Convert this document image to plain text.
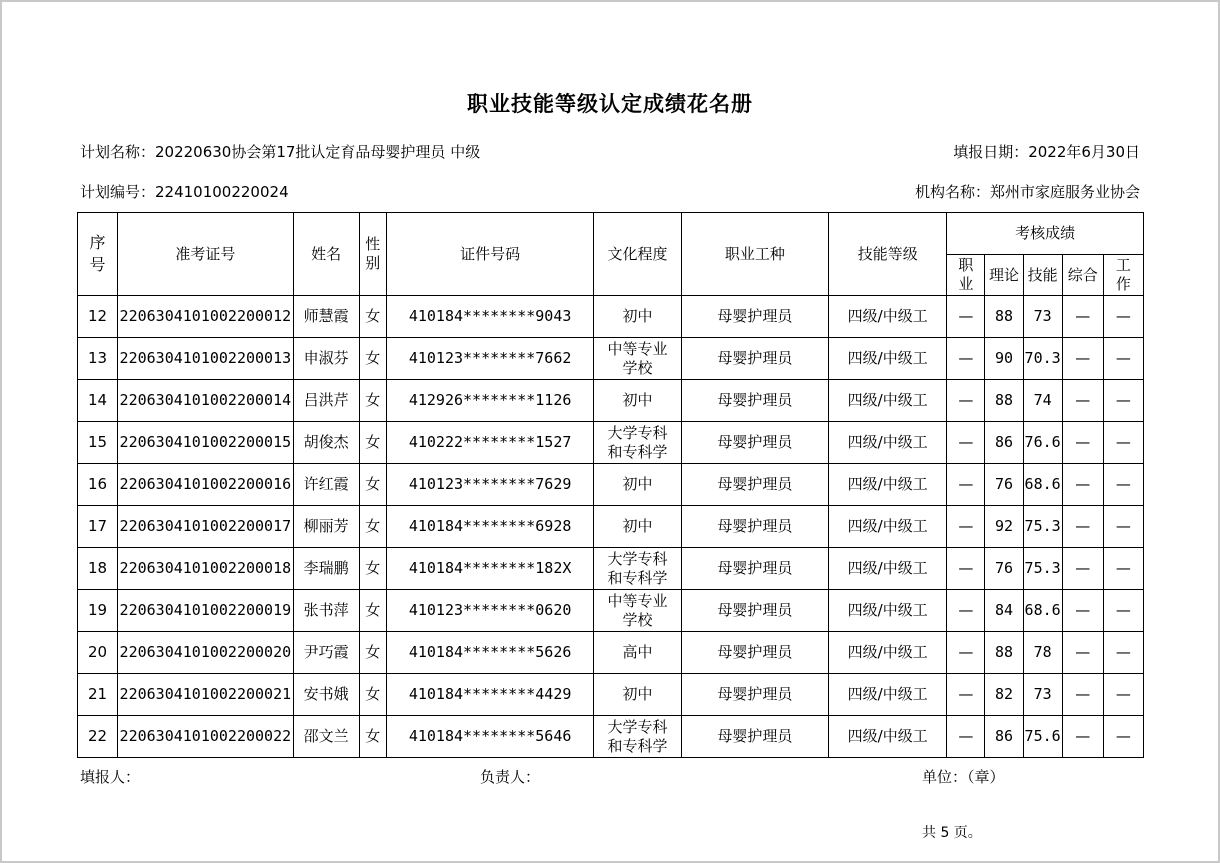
职业技能等级认定成绩花名册
计划名称：20220630协会第17批认定育品母婴护理员 中级	填报日期：2022年6月30日
计划编号：22410100220024	机构名称：郑州市家庭服务业协会
序号	准考证号	姓名	性别	证件号码	文化程度	职业工种	技能等级	考核成绩				

								职业	理论	技能	综合	工作

12	2206304101002200012	师慧霞	女	410184********9043	初中	母婴护理员	四级/中级工	—	88	73	—	—
13	2206304101002200013	申淑芬	女	410123********7662	中等专业学校	母婴护理员	四级/中级工	—	90	70.3	—	—
14	2206304101002200014	吕洪芹	女	412926********1126	初中	母婴护理员	四级/中级工	—	88	74	—	—
15	2206304101002200015	胡俊杰	女	410222********1527	大学专科和专科学	母婴护理员	四级/中级工	—	86	76.6	—	—
16	2206304101002200016	许红霞	女	410123********7629	初中	母婴护理员	四级/中级工	—	76	68.6	—	—
17	2206304101002200017	柳丽芳	女	410184********6928	初中	母婴护理员	四级/中级工	—	92	75.3	—	—
18	2206304101002200018	李瑞鹏	女	410184********182X	大学专科和专科学	母婴护理员	四级/中级工	—	76	75.3	—	—
19	2206304101002200019	张书萍	女	410123********0620	中等专业学校	母婴护理员	四级/中级工	—	84	68.6	—	—
20	2206304101002200020	尹巧霞	女	410184********5626	高中	母婴护理员	四级/中级工	—	88	78	—	—
21	2206304101002200021	安书娥	女	410184********4429	初中	母婴护理员	四级/中级工	—	82	73	—	—
22	2206304101002200022	邵文兰	女	410184********5646	大学专科和专科学	母婴护理员	四级/中级工	—	86	75.6	—	—
填报人：	负责人：	单位：（章）
共 5 页。
